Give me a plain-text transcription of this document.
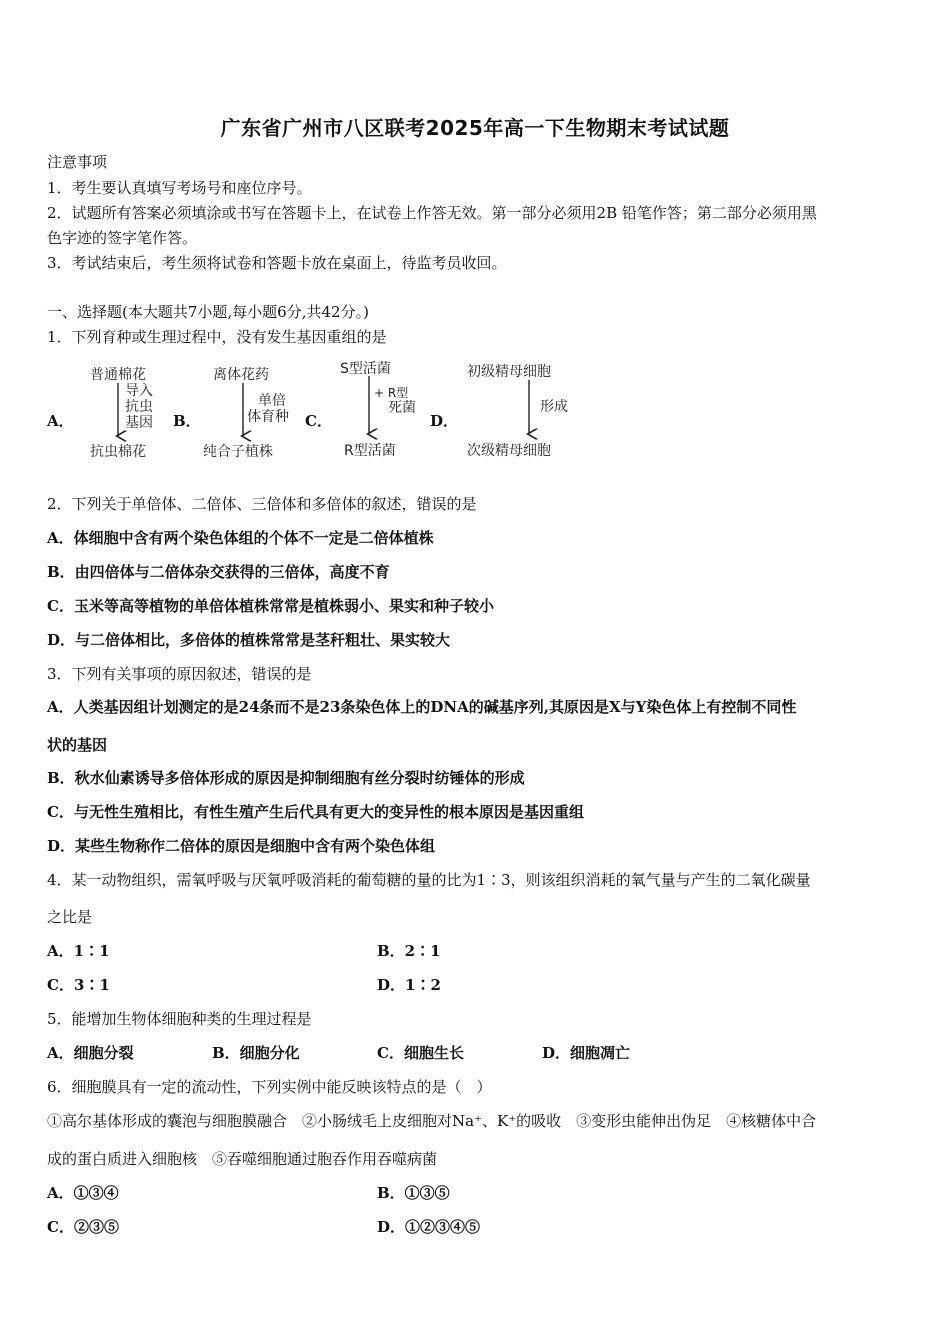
广东省广州市八区联考2025年高一下生物期末考试试题
注意事项
1．考生要认真填写考场号和座位序号。
2．试题所有答案必须填涂或书写在答题卡上，在试卷上作答无效。第一部分必须用2B 铅笔作答；第二部分必须用黑
色字迹的签字笔作答。
3．考试结束后，考生须将试卷和答题卡放在桌面上，待监考员收回。
一、选择题(本大题共7小题,每小题6分,共42分。)
1．下列育种或生理过程中，没有发生基因重组的是
A．	B．	C．	D．
普通棉花
导入
抗虫
基因
抗虫棉花
离体花药
单倍
体育种
纯合子植株
S型活菌
+ R型
死菌
R型活菌
初级精母细胞
形成
次级精母细胞
2．下列关于单倍体、二倍体、三倍体和多倍体的叙述，错误的是
A．体细胞中含有两个染色体组的个体不一定是二倍体植株
B．由四倍体与二倍体杂交获得的三倍体，高度不育
C．玉米等高等植物的单倍体植株常常是植株弱小、果实和种子较小
D．与二倍体相比，多倍体的植株常常是茎秆粗壮、果实较大
3．下列有关事项的原因叙述，错误的是
A．人类基因组计划测定的是24条而不是23条染色体上的DNA的碱基序列,其原因是X与Y染色体上有控制不同性
状的基因
B．秋水仙素诱导多倍体形成的原因是抑制细胞有丝分裂时纺锤体的形成
C．与无性生殖相比，有性生殖产生后代具有更大的变异性的根本原因是基因重组
D．某些生物称作二倍体的原因是细胞中含有两个染色体组
4．某一动物组织，需氧呼吸与厌氧呼吸消耗的葡萄糖的量的比为1∶3，则该组织消耗的氧气量与产生的二氧化碳量
之比是
A．1∶1	B．2∶1
C．3∶1	D．1∶2
5．能增加生物体细胞种类的生理过程是
A．细胞分裂	B．细胞分化	C．细胞生长	D．细胞凋亡
6．细胞膜具有一定的流动性，下列实例中能反映该特点的是（　）
①高尔基体形成的囊泡与细胞膜融合　②小肠绒毛上皮细胞对Na⁺、K⁺的吸收　③变形虫能伸出伪足　④核糖体中合
成的蛋白质进入细胞核　⑤吞噬细胞通过胞吞作用吞噬病菌
A．①③④	B．①③⑤
C．②③⑤	D．①②③④⑤
